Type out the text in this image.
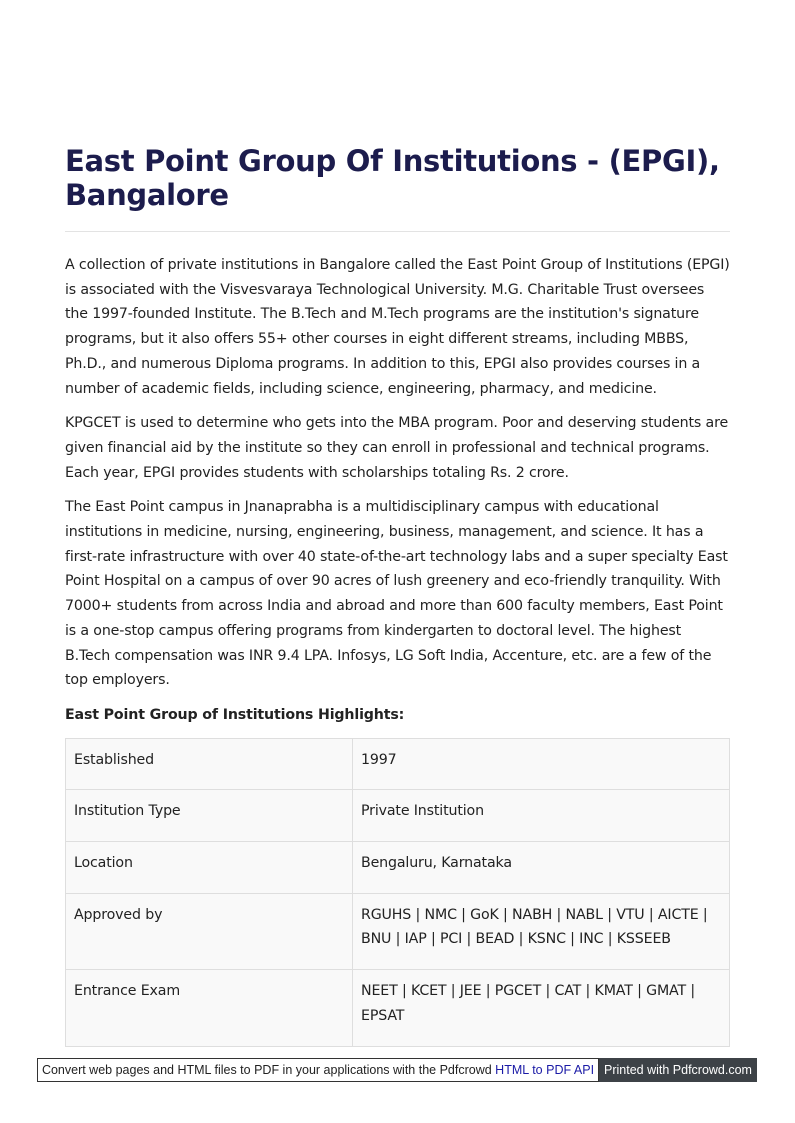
East Point Group Of Institutions - (EPGI), Bangalore

A collection of private institutions in Bangalore called the East Point Group of Institutions (EPGI) is associated with the Visvesvaraya Technological University. M.G. Charitable Trust oversees the 1997-founded Institute. The B.Tech and M.Tech programs are the institution's signature programs, but it also offers 55+ other courses in eight different streams, including MBBS, Ph.D., and numerous Diploma programs. In addition to this, EPGI also provides courses in a number of academic fields, including science, engineering, pharmacy, and medicine.

KPGCET is used to determine who gets into the MBA program. Poor and deserving students are given financial aid by the institute so they can enroll in professional and technical programs. Each year, EPGI provides students with scholarships totaling Rs. 2 crore.

The East Point campus in Jnanaprabha is a multidisciplinary campus with educational institutions in medicine, nursing, engineering, business, management, and science. It has a first-rate infrastructure with over 40 state-of-the-art technology labs and a super specialty East Point Hospital on a campus of over 90 acres of lush greenery and eco-friendly tranquility. With 7000+ students from across India and abroad and more than 600 faculty members, East Point is a one-stop campus offering programs from kindergarten to doctoral level. The highest B.Tech compensation was INR 9.4 LPA. Infosys, LG Soft India, Accenture, etc. are a few of the top employers.

East Point Group of Institutions Highlights:

Established	1997
Institution Type	Private Institution
Location	Bengaluru, Karnataka
Approved by	RGUHS | NMC | GoK | NABH | NABL | VTU | AICTE | BNU | IAP | PCI | BEAD | KSNC | INC | KSSEEB
Entrance Exam	NEET | KCET | JEE | PGCET | CAT | KMAT | GMAT | EPSAT
Convert web pages and HTML files to PDF in your applications with the Pdfcrowd HTML to PDF API Printed with Pdfcrowd.com
